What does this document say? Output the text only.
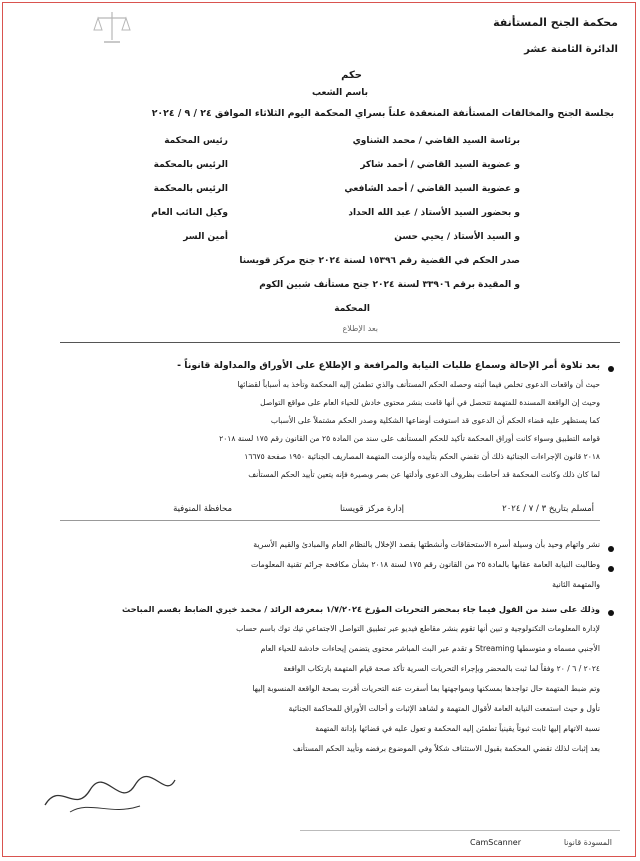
محكمة الجنح المستأنفة
الدائرة الثامنة عشر
حكم
باسم الشعب
بجلسة الجنح والمخالفات المستأنفة المنعقدة علناً بسراي المحكمة اليوم الثلاثاء الموافق ٢٤ / ٩ / ٢٠٢٤
برئاسة السيد القاضي / محمد الشناوي
رئيس المحكمة
و عضوية السيد القاضي / أحمد شاكر
الرئيس بالمحكمة
و عضوية السيد القاضي / أحمد الشافعي
الرئيس بالمحكمة
و بحضور السيد الأستاذ / عبد الله الحداد
وكيل النائب العام
و السيد الأستاذ / يحيي حسن
أمين السر
صدر الحكم في القضية رقم ١٥٣٩٦ لسنة ٢٠٢٤ جنح مركز قويسنا
و المقيدة برقم ٣٣٩٠٦ لسنة ٢٠٢٤ جنح مستأنف شبين الكوم
المحكمة
بعد الإطلاع
بعد تلاوة أمر الإحالة وسماع طلبات النيابة والمرافعة و الإطلاع على الأوراق والمداولة قانوناً -
حيث أن واقعات الدعوى تخلص فيما أثبته وحصله الحكم المستأنف والذي تطمئن إليه المحكمة وتأخذ به أسباباً لقضائها
وحيث إن الواقعة المسندة للمتهمة تتحصل في أنها قامت بنشر محتوى خادش للحياء العام على مواقع التواصل
كما يستظهر عليه قضاء الحكم أن الدعوى قد استوفت أوضاعها الشكلية وصدر الحكم مشتملاً على الأسباب
قوامه التطبيق وسواء كانت أوراق المحكمة تأكيد للحكم المستأنف على سند من المادة ٢٥ من القانون رقم ١٧٥ لسنة ٢٠١٨
٢٠١٨ قانون الإجراءات الجنائية ذلك أن تقضي الحكم بتأييده وألزمت المتهمة المصاريف الجنائية ١٩٥٠ صفحة ١٦٦٧٥
لما كان ذلك وكانت المحكمة قد أحاطت بظروف الدعوى وأدلتها عن بصر وبصيرة فإنه يتعين تأييد الحكم المستأنف
أمسلم بتاريخ ٣ / ٧ / ٢٠٢٤
إدارة مركز قويسنا
محافظة المنوفية
نشر واتهام وحيد بأن وسيلة أسرة الاستحقاقات وأنشطتها بقصد الإخلال بالنظام العام والمبادئ والقيم الأسرية
وطالبت النيابة العامة عقابها بالمادة ٢٥ من القانون رقم ١٧٥ لسنة ٢٠١٨ بشأن مكافحة جرائم تقنية المعلومات
والمتهمة الثانية
وذلك على سند من القول فيما جاء بمحضر التحريات المؤرخ ١/٧/٢٠٢٤ بمعرفة الرائد / محمد خيري الضابط بقسم المباحث
لإدارة المعلومات التكنولوجية و تبين أنها تقوم بنشر مقاطع فيديو عبر تطبيق التواصل الاجتماعي تيك توك باسم حساب
الأجنبي مسماه و متوسطها Streaming و تقدم عبر البث المباشر محتوى يتضمن إيحاءات خادشة للحياء العام
٢٠٢٤ / ٦ / ٢٠ وفقاً لما ثبت بالمحضر وبإجراء التحريات السرية تأكد صحة قيام المتهمة بارتكاب الواقعة
وتم ضبط المتهمة حال تواجدها بمسكنها وبمواجهتها بما أسفرت عنه التحريات أقرت بصحة الواقعة المنسوبة إليها
تأول و حيث استمعت النيابة العامة لأقوال المتهمة و لشاهد الإثبات و أحالت الأوراق للمحاكمة الجنائية
نسبة الاتهام إليها ثابت ثبوتاً يقينياً تطمئن إليه المحكمة و تعول عليه في قضائها بإدانة المتهمة
بعد إثبات لذلك تقضي المحكمة بقبول الاستئناف شكلاً وفي الموضوع برفضه وتأييد الحكم المستأنف
المسودة قانونا
CamScanner
